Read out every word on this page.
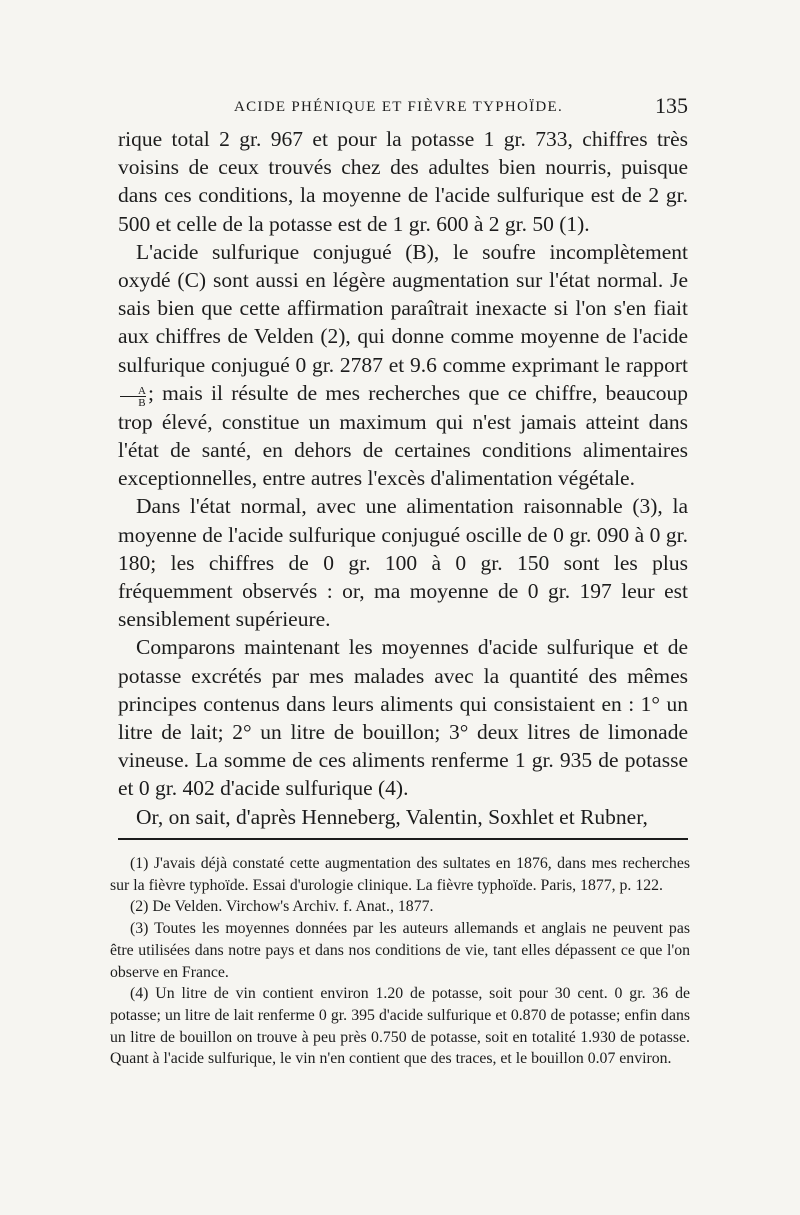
ACIDE PHÉNIQUE ET FIÈVRE TYPHOÏDE.	135

rique total 2 gr. 967 et pour la potasse 1 gr. 733, chiffres très voisins de ceux trouvés chez des adultes bien nourris, puisque dans ces conditions, la moyenne de l'acide sulfurique est de 2 gr. 500 et celle de la potasse est de 1 gr. 600 à 2 gr. 50 (1).

L'acide sulfurique conjugué (B), le soufre incomplètement oxydé (C) sont aussi en légère augmentation sur l'état normal. Je sais bien que cette affirmation paraîtrait inexacte si l'on s'en fiait aux chiffres de Velden (2), qui donne comme moyenne de l'acide sulfurique conjugué 0 gr. 2787 et 9.6 comme exprimant le rapport
$\frac{A}{B}$ ; mais il résulte de mes recherches que ce chiffre, beaucoup trop élevé, constitue un maximum qui n'est jamais atteint dans l'état de santé, en dehors de certaines conditions alimentaires exceptionnelles, entre autres l'excès d'alimentation végétale.

Dans l'état normal, avec une alimentation raisonnable (3), la moyenne de l'acide sulfurique conjugué oscille de 0 gr. 090 à 0 gr. 180; les chiffres de 0 gr. 100 à 0 gr. 150 sont les plus fréquemment observés : or, ma moyenne de 0 gr. 197 leur est sensiblement supérieure.

Comparons maintenant les moyennes d'acide sulfurique et de potasse excrétés par mes malades avec la quantité des mêmes principes contenus dans leurs aliments qui consistaient en : 1° un litre de lait; 2° un litre de bouillon; 3° deux litres de limonade vineuse. La somme de ces aliments renferme 1 gr. 935 de potasse et 0 gr. 402 d'acide sulfurique (4).

Or, on sait, d'après Henneberg, Valentin, Soxhlet et Rubner,

(1) J'avais déjà constaté cette augmentation des sultates en 1876, dans mes recherches sur la fièvre typhoïde. Essai d'urologie clinique. La fièvre typhoïde. Paris, 1877, p. 122.

(2) De Velden. Virchow's Archiv. f. Anat., 1877.

(3) Toutes les moyennes données par les auteurs allemands et anglais ne peuvent pas être utilisées dans notre pays et dans nos conditions de vie, tant elles dépassent ce que l'on observe en France.

(4) Un litre de vin contient environ 1.20 de potasse, soit pour 30 cent. 0 gr. 36 de potasse; un litre de lait renferme 0 gr. 395 d'acide sulfurique et 0.870 de potasse; enfin dans un litre de bouillon on trouve à peu près 0.750 de potasse, soit en totalité 1.930 de potasse. Quant à l'acide sulfurique, le vin n'en contient que des traces, et le bouillon 0.07 environ.
